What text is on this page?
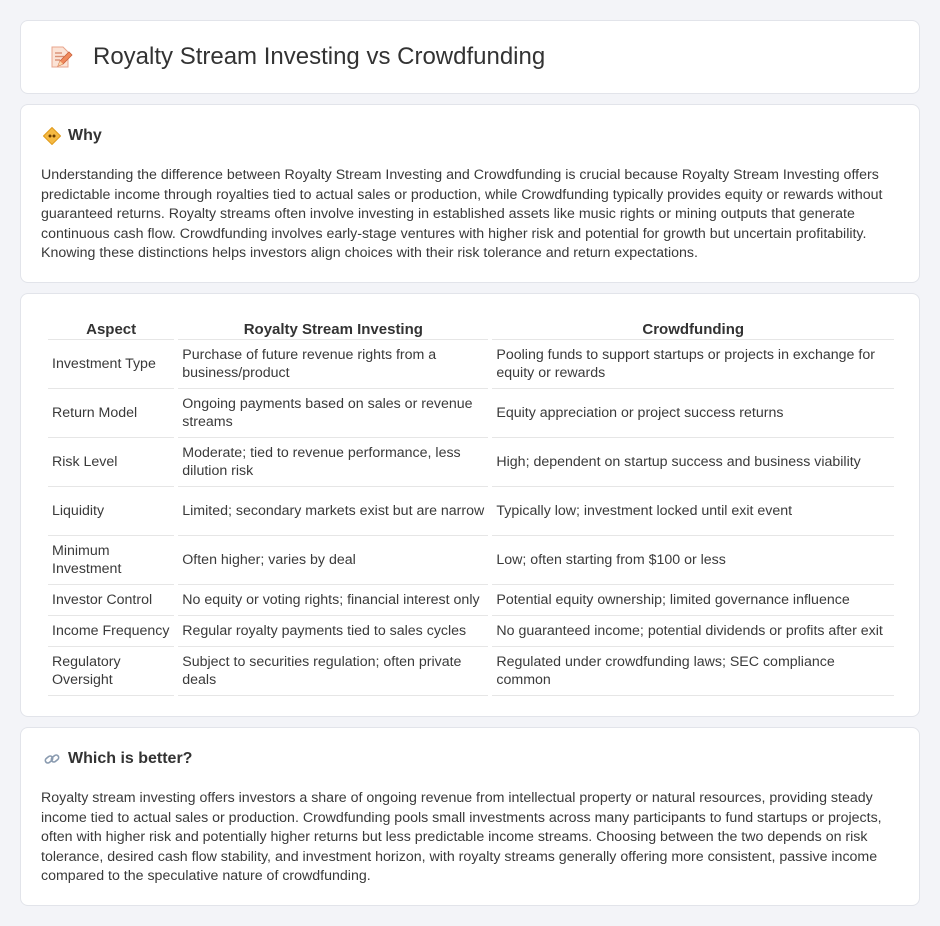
Royalty Stream Investing vs Crowdfunding
Why

Understanding the difference between Royalty Stream Investing and Crowdfunding is crucial because Royalty Stream Investing offers predictable income through royalties tied to actual sales or production, while Crowdfunding typically provides equity or rewards without guaranteed returns. Royalty streams often involve investing in established assets like music rights or mining outputs that generate continuous cash flow. Crowdfunding involves early-stage ventures with higher risk and potential for growth but uncertain profitability. Knowing these distinctions helps investors align choices with their risk tolerance and return expectations.

Aspect	Royalty Stream Investing	Crowdfunding
Investment Type	Purchase of future revenue rights from a business/product	Pooling funds to support startups or projects in exchange for equity or rewards
Return Model	Ongoing payments based on sales or revenue streams	Equity appreciation or project success returns
Risk Level	Moderate; tied to revenue performance, less dilution risk	High; dependent on startup success and business viability
Liquidity	Limited; secondary markets exist but are narrow	Typically low; investment locked until exit event
Minimum Investment	Often higher; varies by deal	Low; often starting from $100 or less
Investor Control	No equity or voting rights; financial interest only	Potential equity ownership; limited governance influence
Income Frequency	Regular royalty payments tied to sales cycles	No guaranteed income; potential dividends or profits after exit
Regulatory Oversight	Subject to securities regulation; often private deals	Regulated under crowdfunding laws; SEC compliance common
Which is better?

Royalty stream investing offers investors a share of ongoing revenue from intellectual property or natural resources, providing steady income tied to actual sales or production. Crowdfunding pools small investments across many participants to fund startups or projects, often with higher risk and potentially higher returns but less predictable income streams. Choosing between the two depends on risk tolerance, desired cash flow stability, and investment horizon, with royalty streams generally offering more consistent, passive income compared to the speculative nature of crowdfunding.
